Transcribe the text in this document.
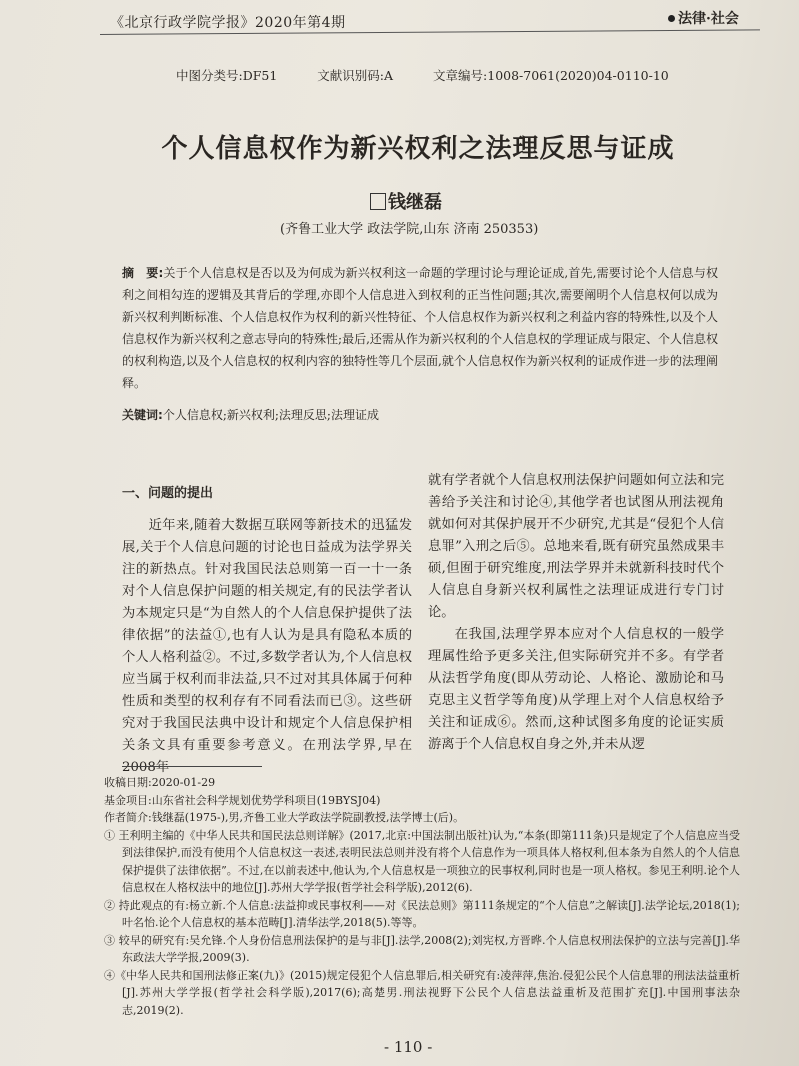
《北京行政学院学报》2020年第4期	法律·社会
中图分类号:DF51	文献识别码:A	文章编号:1008-7061(2020)04-0110-10
个人信息权作为新兴权利之法理反思与证成
钱继磊
(齐鲁工业大学 政法学院,山东 济南 250353)
摘　要:关于个人信息权是否以及为何成为新兴权利这一命题的学理讨论与理论证成,首先,需要讨论个人信息与权利之间相勾连的逻辑及其背后的学理,亦即个人信息进入到权利的正当性问题;其次,需要阐明个人信息权何以成为新兴权利判断标准、个人信息权作为权利的新兴性特征、个人信息权作为新兴权利之利益内容的特殊性,以及个人信息权作为新兴权利之意志导向的特殊性;最后,还需从作为新兴权利的个人信息权的学理证成与限定、个人信息权的权利构造,以及个人信息权的权利内容的独特性等几个层面,就个人信息权作为新兴权利的证成作进一步的法理阐释。
关键词:个人信息权;新兴权利;法理反思;法理证成
一、问题的提出

近年来,随着大数据互联网等新技术的迅猛发展,关于个人信息问题的讨论也日益成为法学界关注的新热点。针对我国民法总则第一百一十一条对个人信息保护问题的相关规定,有的民法学者认为本规定只是“为自然人的个人信息保护提供了法律依据”的法益①,也有人认为是具有隐私本质的个人人格利益②。不过,多数学者认为,个人信息权应当属于权利而非法益,只不过对其具体属于何种性质和类型的权利存有不同看法而已③。这些研究对于我国民法典中设计和规定个人信息保护相关条文具有重要参考意义。在刑法学界,早在2008年

就有学者就个人信息权刑法保护问题如何立法和完善给予关注和讨论④,其他学者也试图从刑法视角就如何对其保护展开不少研究,尤其是“侵犯个人信息罪”入刑之后⑤。总地来看,既有研究虽然成果丰硕,但囿于研究维度,刑法学界并未就新科技时代个人信息自身新兴权利属性之法理证成进行专门讨论。

在我国,法理学界本应对个人信息权的一般学理属性给予更多关注,但实际研究并不多。有学者从法哲学角度(即从劳动论、人格论、激励论和马克思主义哲学等角度)从学理上对个人信息权给予关注和证成⑥。然而,这种试图多角度的论证实质游离于个人信息权自身之外,并未从逻

收稿日期:2020-01-29

基金项目:山东省社会科学规划优势学科项目(19BYSJ04)

作者简介:钱继磊(1975-),男,齐鲁工业大学政法学院副教授,法学博士(后)。

① 王利明主编的《中华人民共和国民法总则详解》(2017,北京:中国法制出版社)认为,“本条(即第111条)只是规定了个人信息应当受到法律保护,而没有使用个人信息权这一表述,表明民法总则并没有将个人信息作为一项具体人格权利,但本条为自然人的个人信息保护提供了法律依据”。不过,在以前表述中,他认为,个人信息权是一项独立的民事权利,同时也是一项人格权。参见王利明.论个人信息权在人格权法中的地位[J].苏州大学学报(哲学社会科学版),2012(6).

② 持此观点的有:杨立新.个人信息:法益抑或民事权利——对《民法总则》第111条规定的“个人信息”之解读[J].法学论坛,2018(1);叶名怡.论个人信息权的基本范畴[J].清华法学,2018(5).等等。

③ 较早的研究有:吴允锋.个人身份信息刑法保护的是与非[J].法学,2008(2);刘宪权,方晋晔.个人信息权刑法保护的立法与完善[J].华东政法大学学报,2009(3).

④《中华人民共和国刑法修正案(九)》(2015)规定侵犯个人信息罪后,相关研究有:凌萍萍,焦治.侵犯公民个人信息罪的刑法法益重析[J].苏州大学学报(哲学社会科学版),2017(6);高楚男.刑法视野下公民个人信息法益重析及范围扩充[J].中国刑事法杂志,2019(2).

- 110 -
